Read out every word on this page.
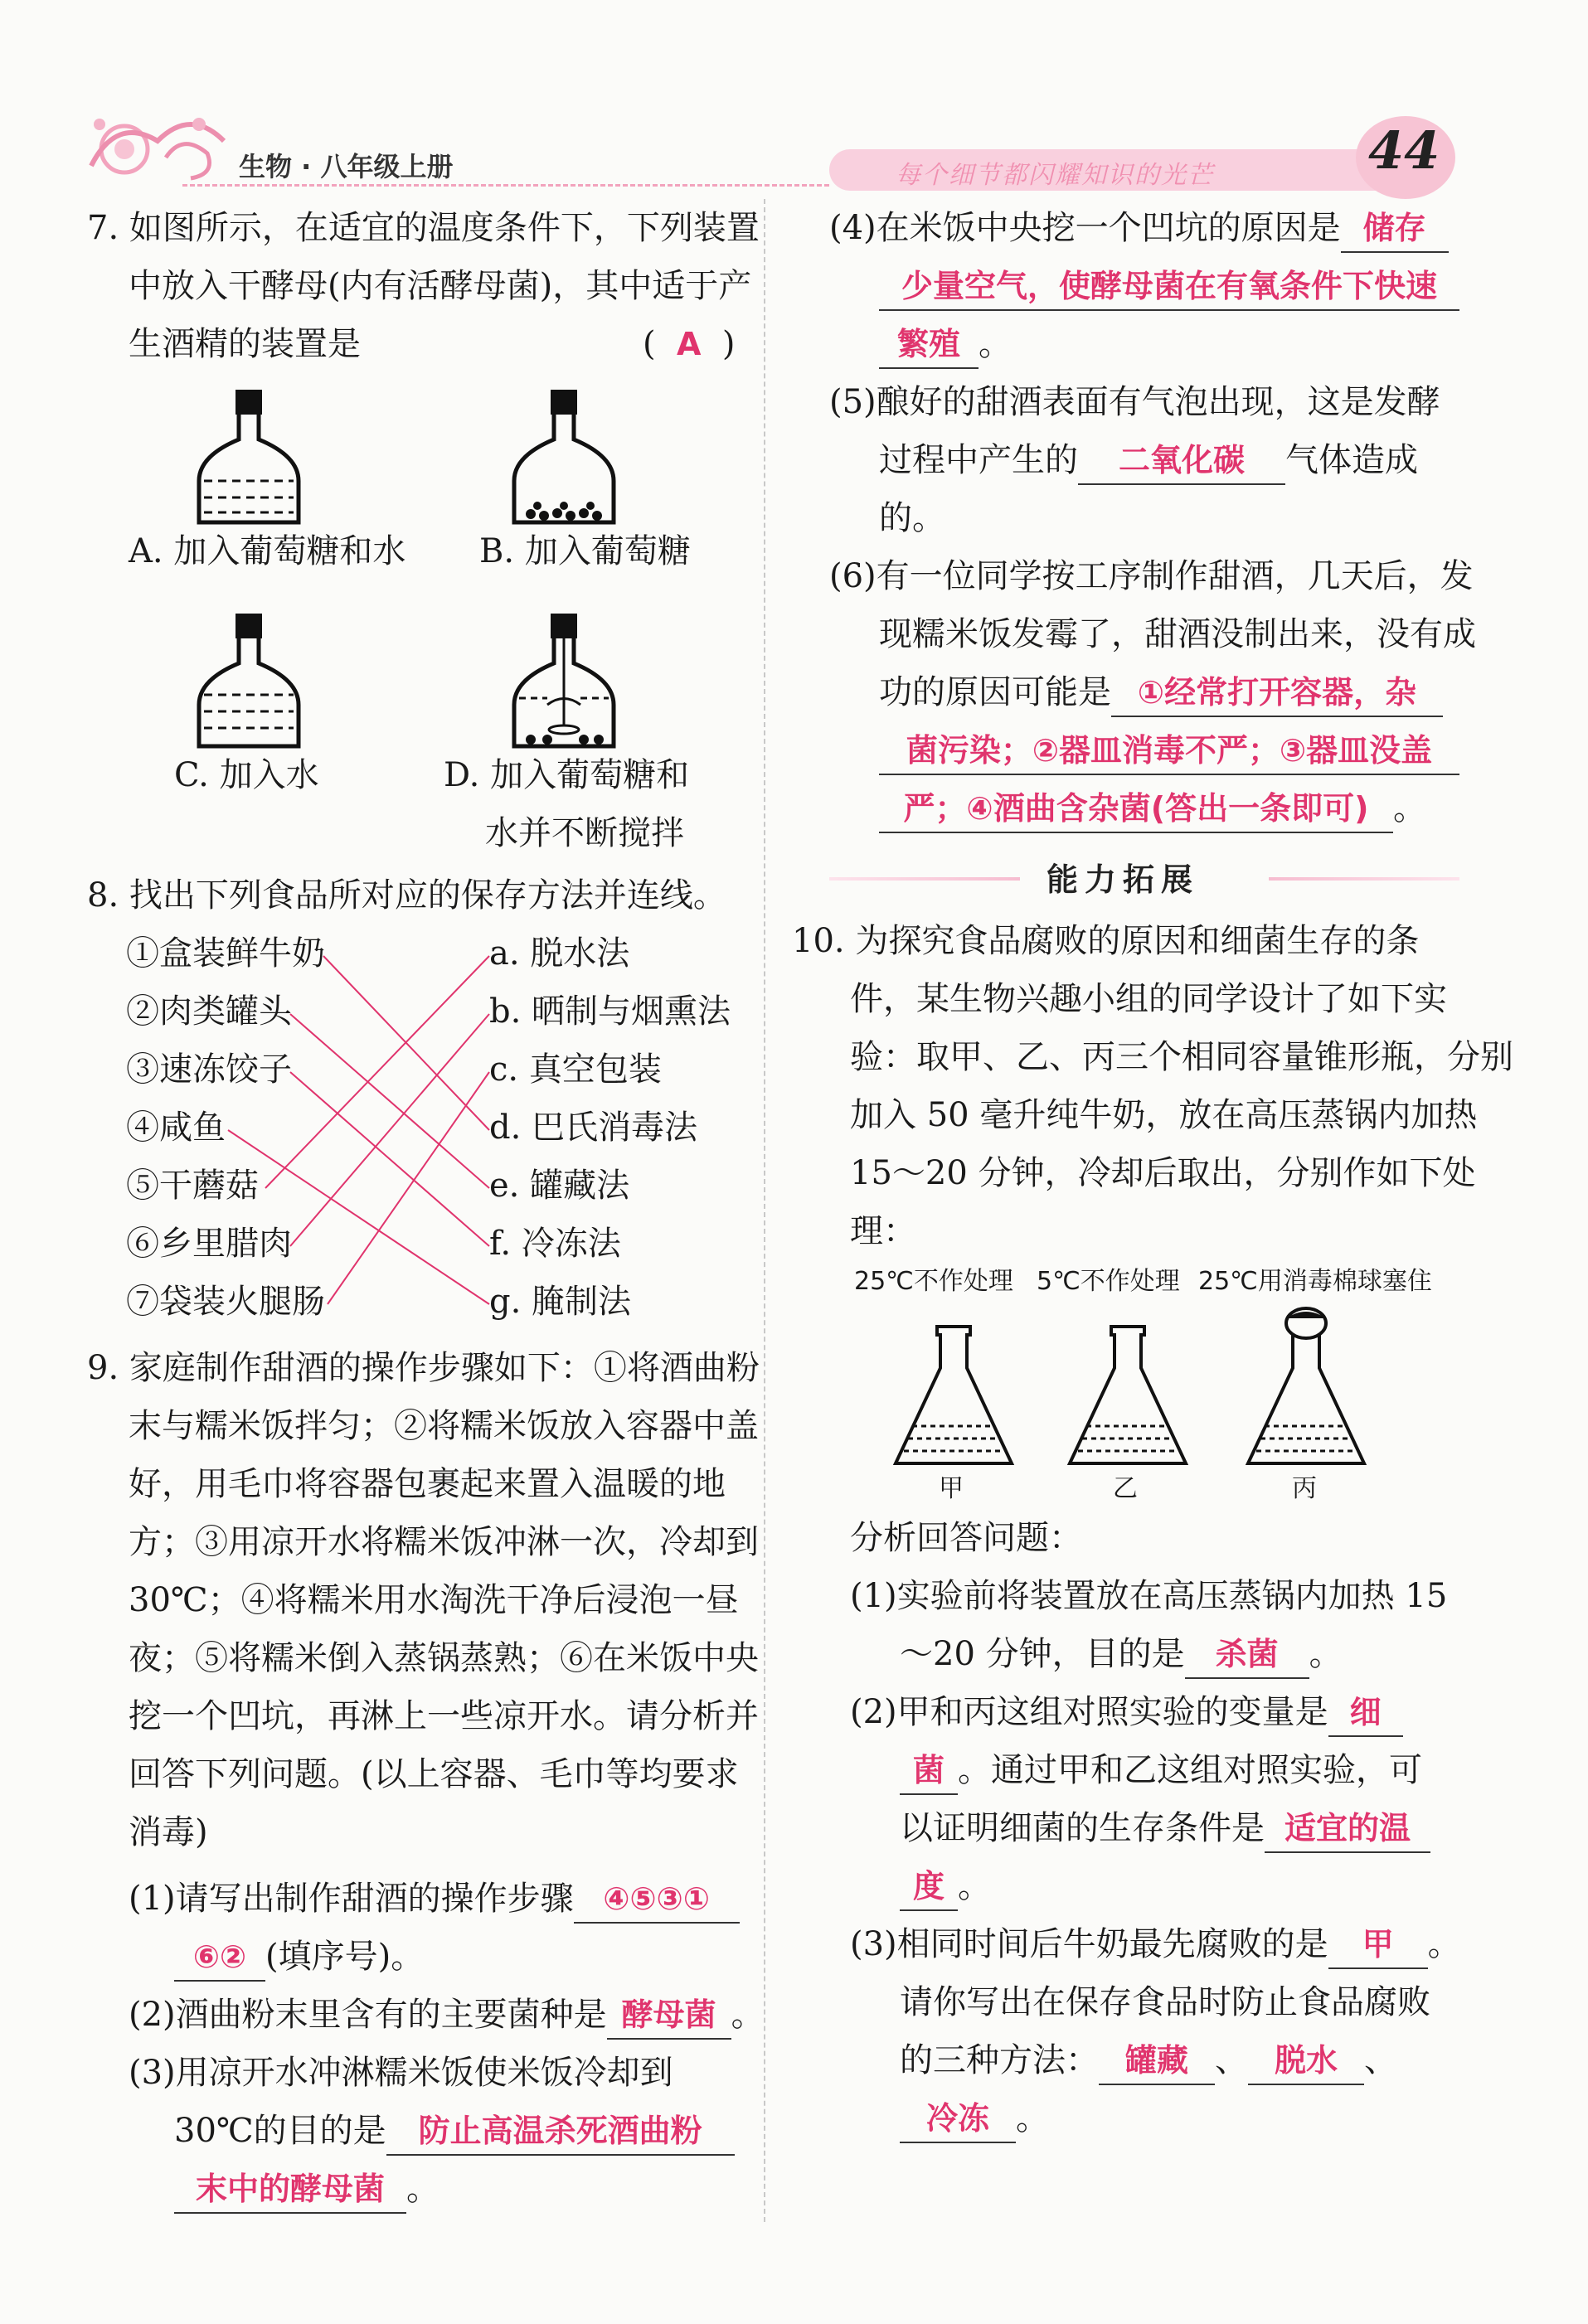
生物 · 八年级上册	每个细节都闪耀知识的光芒	44
7. 如图所示，在适宜的温度条件下，下列装置
中放入干酵母(内有活酵母菌)，其中适于产
生酒精的装置是	( A )
A. 加入葡萄糖和水 B. 加入葡萄糖
C. 加入水	D. 加入葡萄糖和
水并不断搅拌
8. 找出下列食品所对应的保存方法并连线。
①盒装鲜牛奶
②肉类罐头
③速冻饺子
④咸鱼
⑤干蘑菇
⑥乡里腊肉
⑦袋装火腿肠
a. 脱水法
b. 晒制与烟熏法
c. 真空包装
d. 巴氏消毒法
e. 罐藏法
f. 冷冻法
g. 腌制法
9. 家庭制作甜酒的操作步骤如下：①将酒曲粉
末与糯米饭拌匀；②将糯米饭放入容器中盖
好，用毛巾将容器包裹起来置入温暖的地
方；③用凉开水将糯米饭冲淋一次，冷却到
30℃；④将糯米用水淘洗干净后浸泡一昼
夜；⑤将糯米倒入蒸锅蒸熟；⑥在米饭中央
挖一个凹坑，再淋上一些凉开水。请分析并
回答下列问题。(以上容器、毛巾等均要求
消毒)
(1)请写出制作甜酒的操作步骤 ④⑤③①
⑥② (填序号)。
(2)酒曲粉末里含有的主要菌种是 酵母菌 。
(3)用凉开水冲淋糯米饭使米饭冷却到
30℃的目的是 防止高温杀死酒曲粉
末中的酵母菌 。
(4)在米饭中央挖一个凹坑的原因是 储存
少量空气，使酵母菌在有氧条件下快速
繁殖 。
(5)酿好的甜酒表面有气泡出现，这是发酵
过程中产生的 二氧化碳 气体造成
的。
(6)有一位同学按工序制作甜酒，几天后，发
现糯米饭发霉了，甜酒没制出来，没有成
功的原因可能是 ①经常打开容器，杂
菌污染；②器皿消毒不严；③器皿没盖
严；④酒曲含杂菌(答出一条即可) 。
能力拓展
10. 为探究食品腐败的原因和细菌生存的条
件，某生物兴趣小组的同学设计了如下实
验：取甲、乙、丙三个相同容量锥形瓶，分别
加入 50 毫升纯牛奶，放在高压蒸锅内加热
15～20 分钟，冷却后取出，分别作如下处
理：
25℃不作处理 5℃不作处理 25℃用消毒棉球塞住
甲	乙	丙
分析回答问题：
(1)实验前将装置放在高压蒸锅内加热 15
～20 分钟，目的是 杀菌 。
(2)甲和丙这组对照实验的变量是 细
菌 。通过甲和乙这组对照实验，可
以证明细菌的生存条件是 适宜的温
度 。
(3)相同时间后牛奶最先腐败的是 甲 。
请你写出在保存食品时防止食品腐败
的三种方法： 罐藏 、 脱水 、
冷冻 。
